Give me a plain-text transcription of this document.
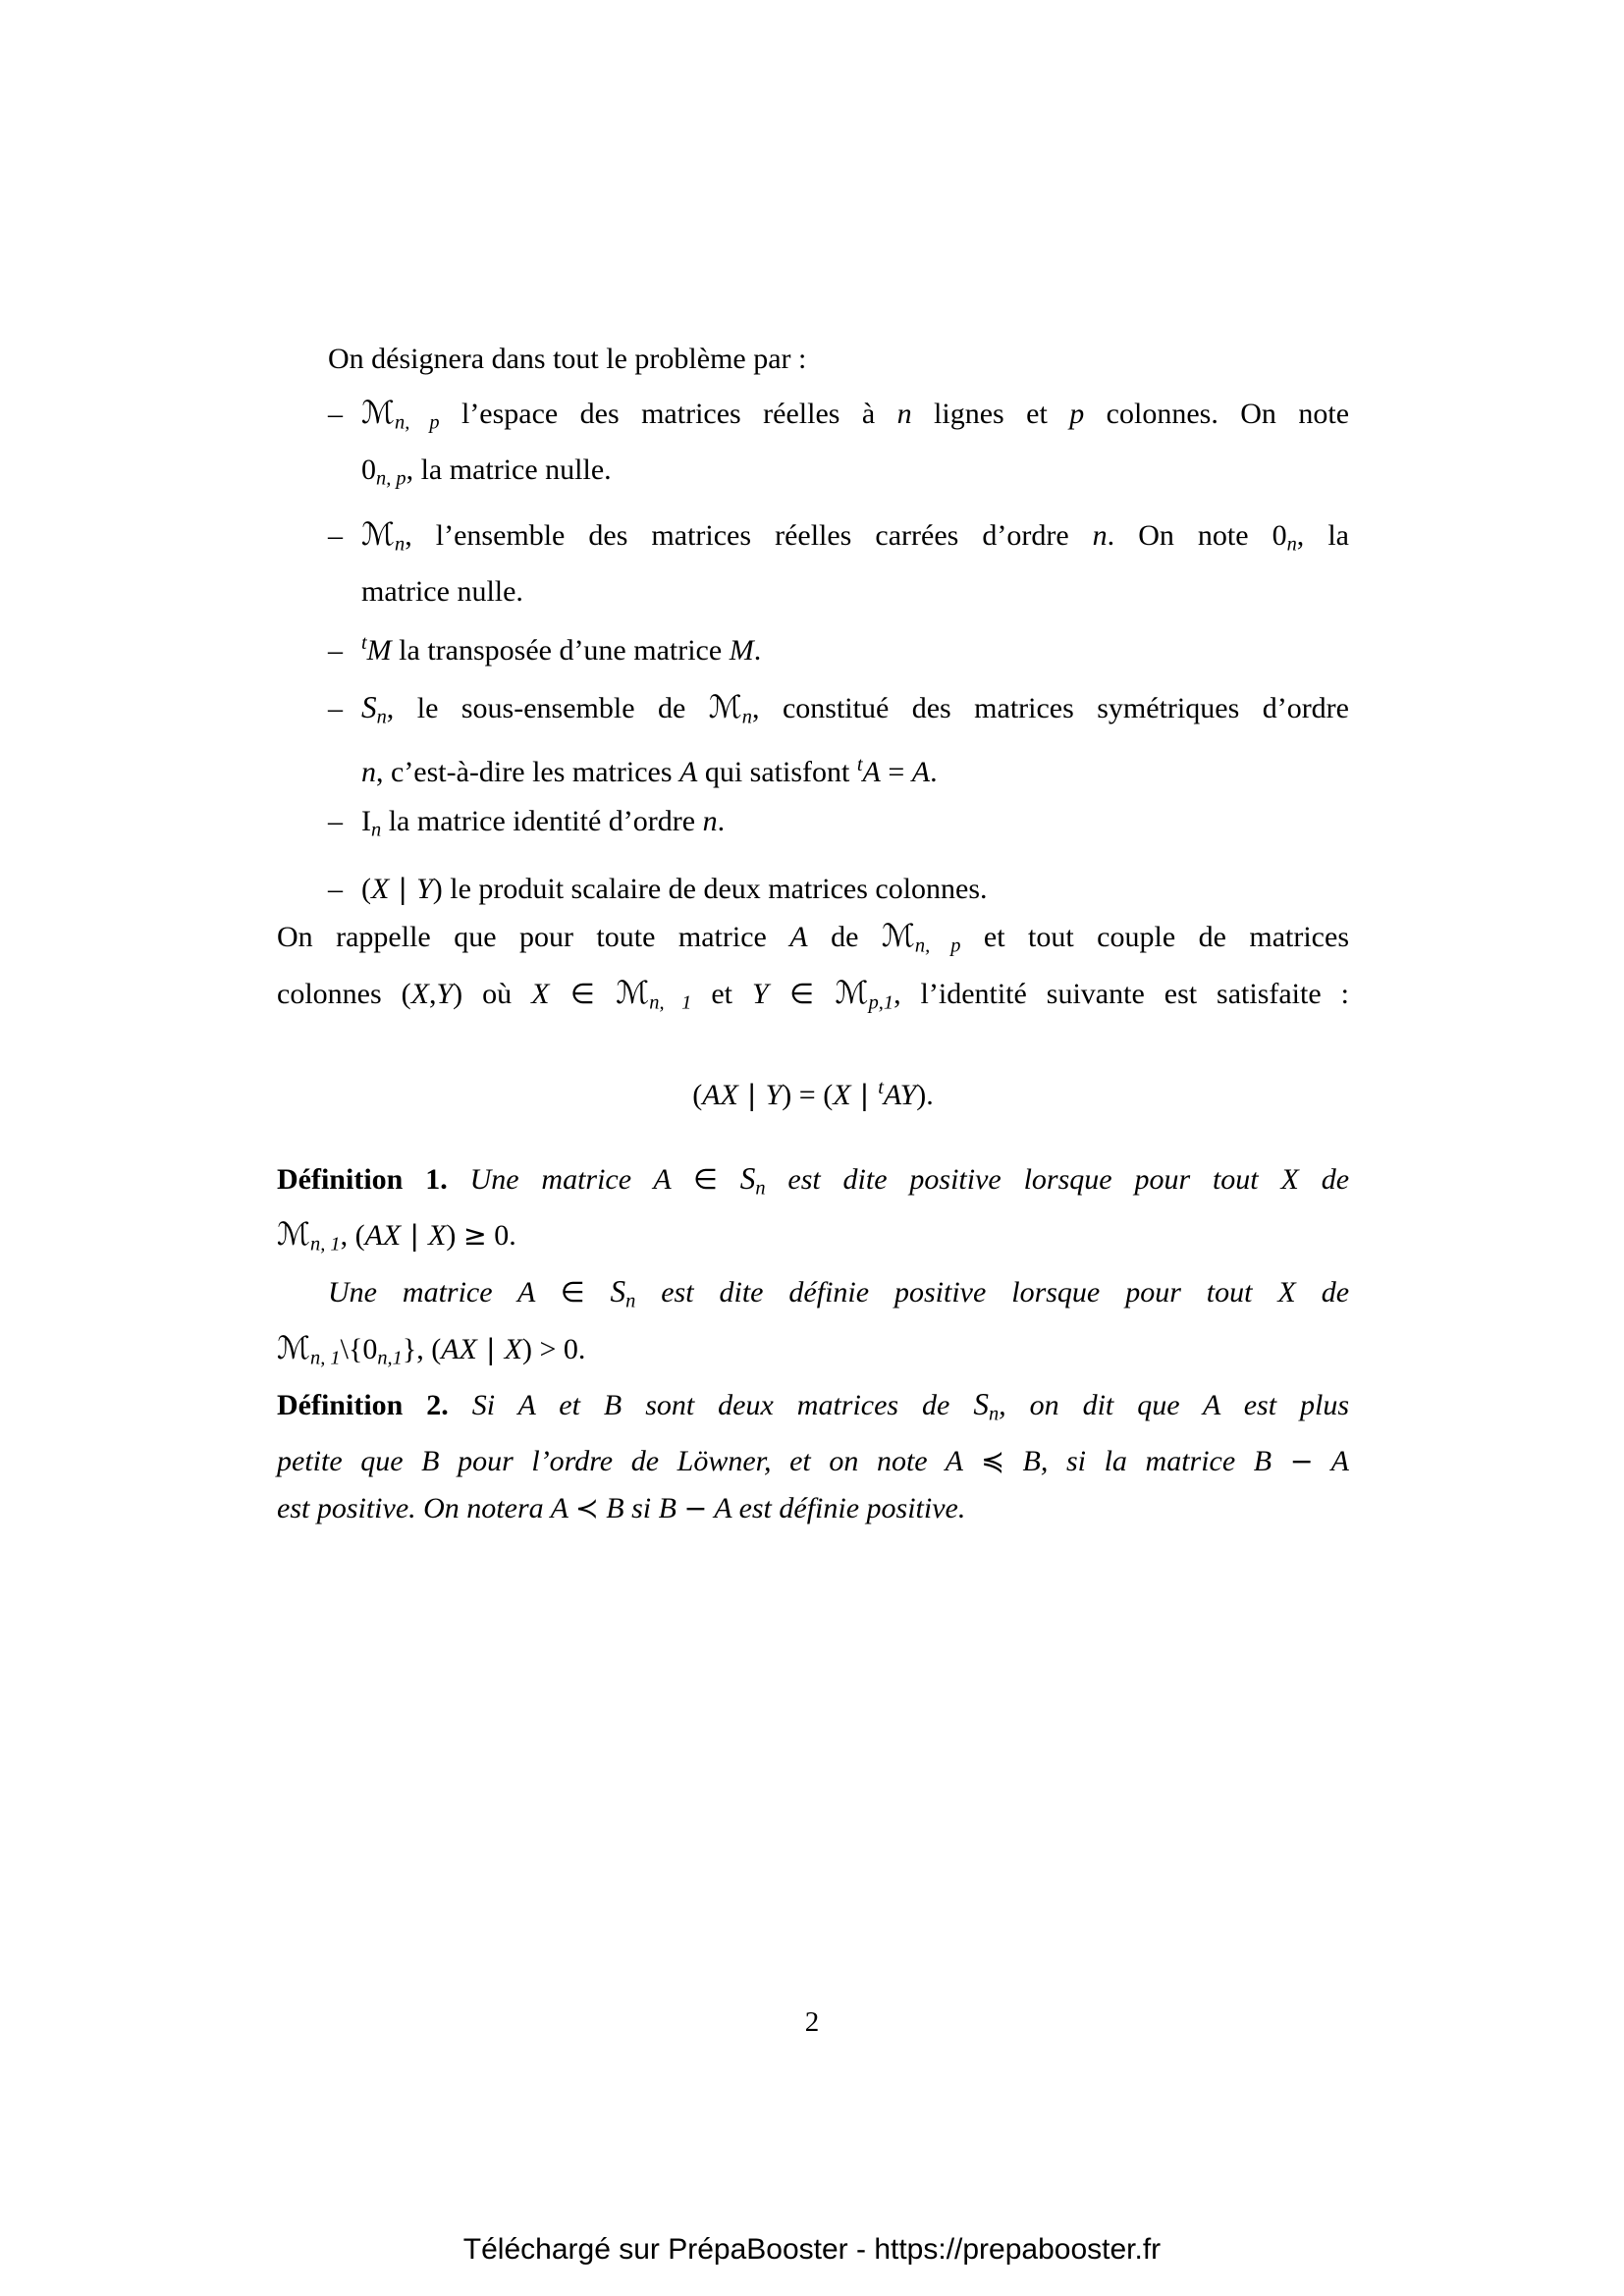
On désignera dans tout le problème par :
– ℳn, p l’espace des matrices réelles à n lignes et p colonnes. On note
0n, p, la matrice nulle.
– ℳn, l’ensemble des matrices réelles carrées d’ordre n. On note 0n, la
matrice nulle.
– $^t$M la transposée d’une matrice M.
– Sn, le sous-ensemble de ℳn, constitué des matrices symétriques d’ordre
n, c’est-à-dire les matrices A qui satisfont $^t$A = A.
– In la matrice identité d’ordre n.
– (X | Y) le produit scalaire de deux matrices colonnes.
On rappelle que pour toute matrice A de ℳn, p et tout couple de matrices
colonnes (X,Y) où X ∈ ℳn, 1 et Y ∈ ℳp,1, l’identité suivante est satisfaite :
(AX | Y) = (X | $^t$AY).
Définition 1. Une matrice A ∈ Sn est dite positive lorsque pour tout X de
ℳn, 1, (AX | X) ≥ 0.
Une matrice A ∈ Sn est dite définie positive lorsque pour tout X de
ℳn, 1\{0n,1}, (AX | X) > 0.
Définition 2. Si A et B sont deux matrices de Sn, on dit que A est plus
petite que B pour l’ordre de Löwner, et on note A ≼ B, si la matrice B − A
est positive. On notera A ≺ B si B − A est définie positive.
2
Téléchargé sur PrépaBooster - https://prepabooster.fr
